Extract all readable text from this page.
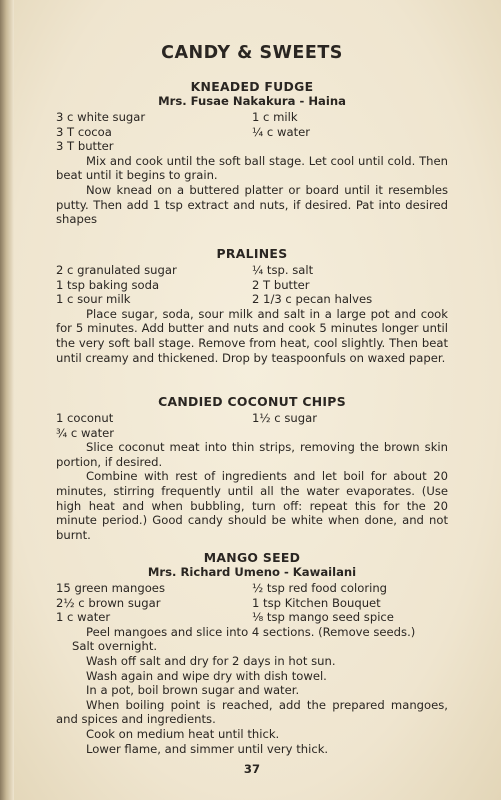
CANDY & SWEETS
KNEADED FUDGE
Mrs. Fusae Nakakura - Haina
3 c white sugar	1 c milk
3 T cocoa	¼ c water
3 T butter	

Mix and cook until the soft ball stage. Let cool until cold. Then beat until it begins to grain.

Now knead on a buttered platter or board until it resembles putty. Then add 1 tsp extract and nuts, if desired. Pat into desired shapes

PRALINES
2 c granulated sugar	¼ tsp. salt
1 tsp baking soda	2 T butter
1 c sour milk	2 1/3 c pecan halves

Place sugar, soda, sour milk and salt in a large pot and cook for 5 minutes. Add butter and nuts and cook 5 minutes longer until the very soft ball stage. Remove from heat, cool slightly. Then beat until creamy and thickened. Drop by teaspoonfuls on waxed paper.

CANDIED COCONUT CHIPS
1 coconut	1½ c sugar
¾ c water	

Slice coconut meat into thin strips, removing the brown skin portion, if desired.

Combine with rest of ingredients and let boil for about 20 minutes, stirring frequently until all the water evaporates. (Use high heat and when bubbling, turn off: repeat this for the 20 minute period.) Good candy should be white when done, and not burnt.

MANGO SEED
Mrs. Richard Umeno - Kawailani
15 green mangoes	½ tsp red food coloring
2½ c brown sugar	1 tsp Kitchen Bouquet
1 c water	⅛ tsp mango seed spice

Peel mangoes and slice into 4 sections. (Remove seeds.)

Salt overnight.

Wash off salt and dry for 2 days in hot sun.

Wash again and wipe dry with dish towel.

In a pot, boil brown sugar and water.

When boiling point is reached, add the prepared mangoes, and spices and ingredients.

Cook on medium heat until thick.

Lower flame, and simmer until very thick.

37
